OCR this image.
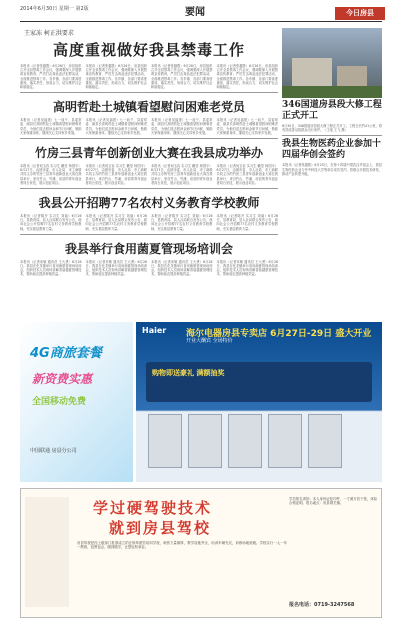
2014年6月30日 星期一 第2版	要闻	今日房县
王家冻 柯正洪要求
高度重视做好我县禁毒工作

本报讯（记者张越胜）6月26日，房县组织召开全县禁毒工作会议，强调要深入开展禁毒宣传教育，严厉打击毒品违法犯罪活动，全面推进禁毒工作。各乡镇、各部门要高度重视，落实责任，形成合力，切实维护社会和谐稳定。

本报讯（记者张越胜）6月26日，房县组织召开全县禁毒工作会议，强调要深入开展禁毒宣传教育，严厉打击毒品违法犯罪活动，全面推进禁毒工作。各乡镇、各部门要高度重视，落实责任，形成合力，切实维护社会和谐稳定。

本报讯（记者张越胜）6月26日，房县组织召开全县禁毒工作会议，强调要深入开展禁毒宣传教育，严厉打击毒品违法犯罪活动，全面推进禁毒工作。各乡镇、各部门要高度重视，落实责任，形成合力，切实维护社会和谐稳定。

本报讯（记者张越胜）6月26日，房县组织召开全县禁毒工作会议，强调要深入开展禁毒宣传教育，严厉打击毒品违法犯罪活动，全面推进禁毒工作。各乡镇、各部门要高度重视，落实责任，形成合力，切实维护社会和谐稳定。

高明哲赴土城镇看望慰问困难老党员

本报讯（记者吴福建）七一前夕，县委常委、副县长高明哲赴土城镇看望慰问困难老党员，为他们送去慰问金和节日问候，勉励大家保重身体，继续关心支持家乡发展。

本报讯（记者吴福建）七一前夕，县委常委、副县长高明哲赴土城镇看望慰问困难老党员，为他们送去慰问金和节日问候，勉励大家保重身体，继续关心支持家乡发展。

本报讯（记者吴福建）七一前夕，县委常委、副县长高明哲赴土城镇看望慰问困难老党员，为他们送去慰问金和节日问候，勉励大家保重身体，继续关心支持家乡发展。

本报讯（记者吴福建）七一前夕，县委常委、副县长高明哲赴土城镇看望慰问困难老党员，为他们送去慰问金和节日问候，勉励大家保重身体，继续关心支持家乡发展。

竹房三县青年创新创业大赛在我县成功举办

本报讯（记者何玉容 实习生 戴莹 杨国平）6月27日，由团市委、市人社局、市工商联共同主办的竹房三县青年创新创业大赛在我县举行，来自竹山、竹溪、房县的青年创业者同台竞技，展示创业项目。

本报讯（记者何玉容 实习生 戴莹 杨国平）6月27日，由团市委、市人社局、市工商联共同主办的竹房三县青年创新创业大赛在我县举行，来自竹山、竹溪、房县的青年创业者同台竞技，展示创业项目。

本报讯（记者何玉容 实习生 戴莹 杨国平）6月27日，由团市委、市人社局、市工商联共同主办的竹房三县青年创新创业大赛在我县举行，来自竹山、竹溪、房县的青年创业者同台竞技，展示创业项目。

本报讯（记者何玉容 实习生 戴莹 杨国平）6月27日，由团市委、市人社局、市工商联共同主办的竹房三县青年创新创业大赛在我县举行，来自竹山、竹溪、房县的青年创业者同台竞技，展示创业项目。

我县公开招聘77名农村义务教育学校教师

本报讯（记者陈开 实习生 刘丽）6月26日，县教育局、县人社局联合发布公告，面向社会公开招聘77名农村义务教育学校教师，充实基层教育力量。

本报讯（记者陈开 实习生 刘丽）6月26日，县教育局、县人社局联合发布公告，面向社会公开招聘77名农村义务教育学校教师，充实基层教育力量。

本报讯（记者陈开 实习生 刘丽）6月26日，县教育局、县人社局联合发布公告，面向社会公开招聘77名农村义务教育学校教师，充实基层教育力量。

本报讯（记者陈开 实习生 刘丽）6月26日，县教育局、县人社局联合发布公告，面向社会公开招聘77名农村义务教育学校教师，充实基层教育力量。

我县举行食用菌夏管现场培训会

本报讯（记者邓敏 通讯员 王大勇）6月26日，我县在化龙镇举行食用菌夏管现场培训会，组织技术人员现场讲解香菇越夏管理技术，帮助菇农提高种植效益。

本报讯（记者邓敏 通讯员 王大勇）6月26日，我县在化龙镇举行食用菌夏管现场培训会，组织技术人员现场讲解香菇越夏管理技术，帮助菇农提高种植效益。

本报讯（记者邓敏 通讯员 王大勇）6月26日，我县在化龙镇举行食用菌夏管现场培训会，组织技术人员现场讲解香菇越夏管理技术，帮助菇农提高种植效益。

本报讯（记者邓敏 通讯员 王大勇）6月26日，我县在化龙镇举行食用菌夏管现场培训会，组织技术人员现场讲解香菇越夏管理技术，帮助菇农提高种植效益。

346国道房县段大修工程正式开工

6月30日，346国道房县段大修工程正式开工。工程全长约41公里，将有效改善沿线群众出行条件。（王瑶 王飞 摄）

我县生物医药企业参加十四届华创会签约

本报讯（记者张越胜）6月25日，在第十四届中国武汉华创会上，我县生物医药企业与华中科技大学等单位成功签约，将联合开展技术研发，推动产业转型升级。

4G商旅套餐
新资费实惠
全国移动免费
中国联通 房县分公司
Haier 海尔电器房县专卖店 6月27日-29日 盛大开业
开业大酬宾 全场特价
购物即送豪礼 满额抽奖
学过硬驾驶技术
就到房县驾校

房县驾校是经上级部门批准成立的正规驾驶员培训学校，师资力量雄厚，教学设施齐全，培训车辆充足，训练场地宽敞。学校实行一人一车一教练，包教包会，随到随学，让您轻松拿证。

学员报名须知：本人身份证复印件，一寸照片若干张，体检合格证明。报名地点：房县城关镇。

报名电话：0719-3247568
